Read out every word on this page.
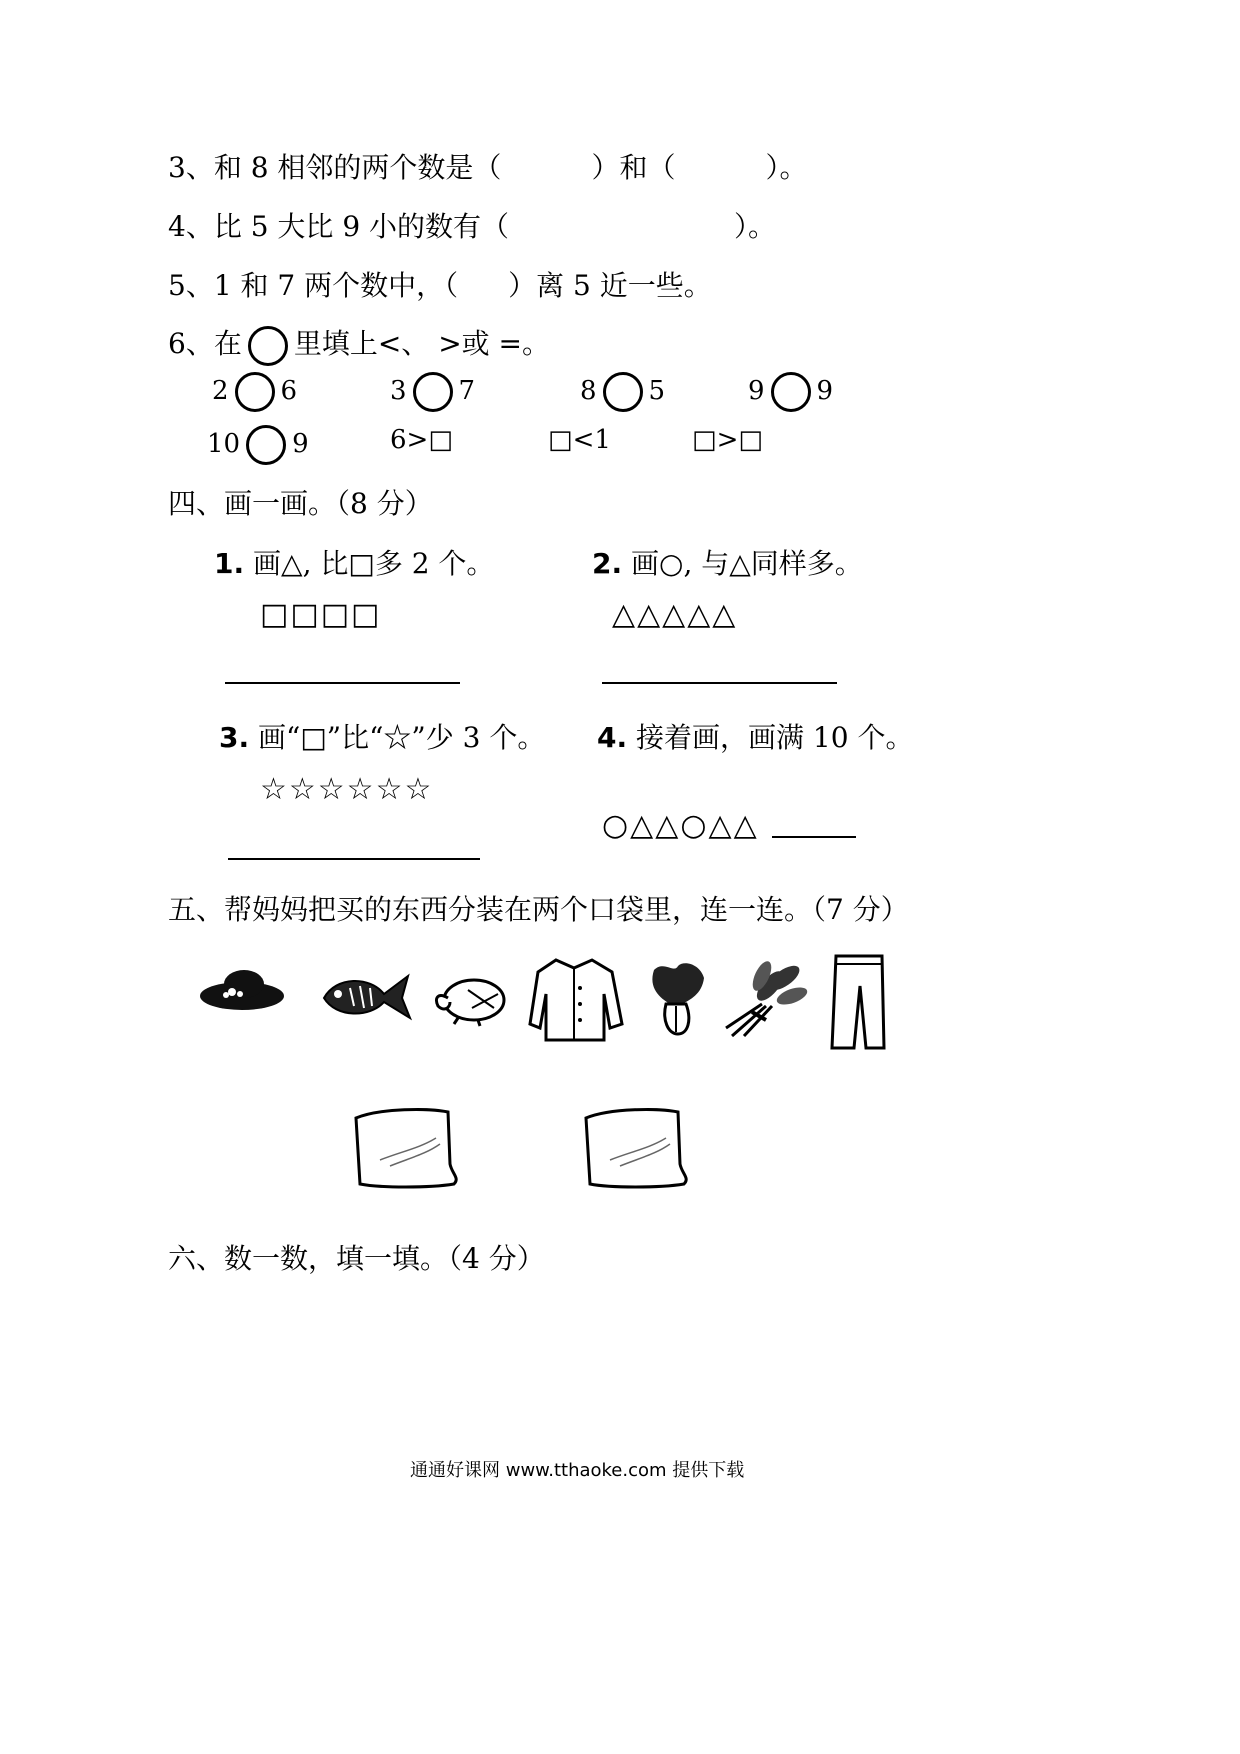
3、和 8 相邻的两个数是（	）和（	）。
4、比 5 大比 9 小的数有（	）。
5、1 和 7 两个数中，（ ）离 5 近一些。
6、在 里填上<、 >或 =。
2 6	3 7	8 5	9 9
10 9	6>□	□<1	□>□
四、画一画。（8 分）
1. 画△, 比□多 2 个。	2. 画○, 与△同样多。
□□□□	△△△△△
3. 画“□”比“☆”少 3 个。 4. 接着画，画满 10 个。
☆☆☆☆☆☆
○△△○△△
五、帮妈妈把买的东西分装在两个口袋里，连一连。（7 分）
六、数一数，填一填。（4 分）
通通好课网 www.tthaoke.com 提供下载
